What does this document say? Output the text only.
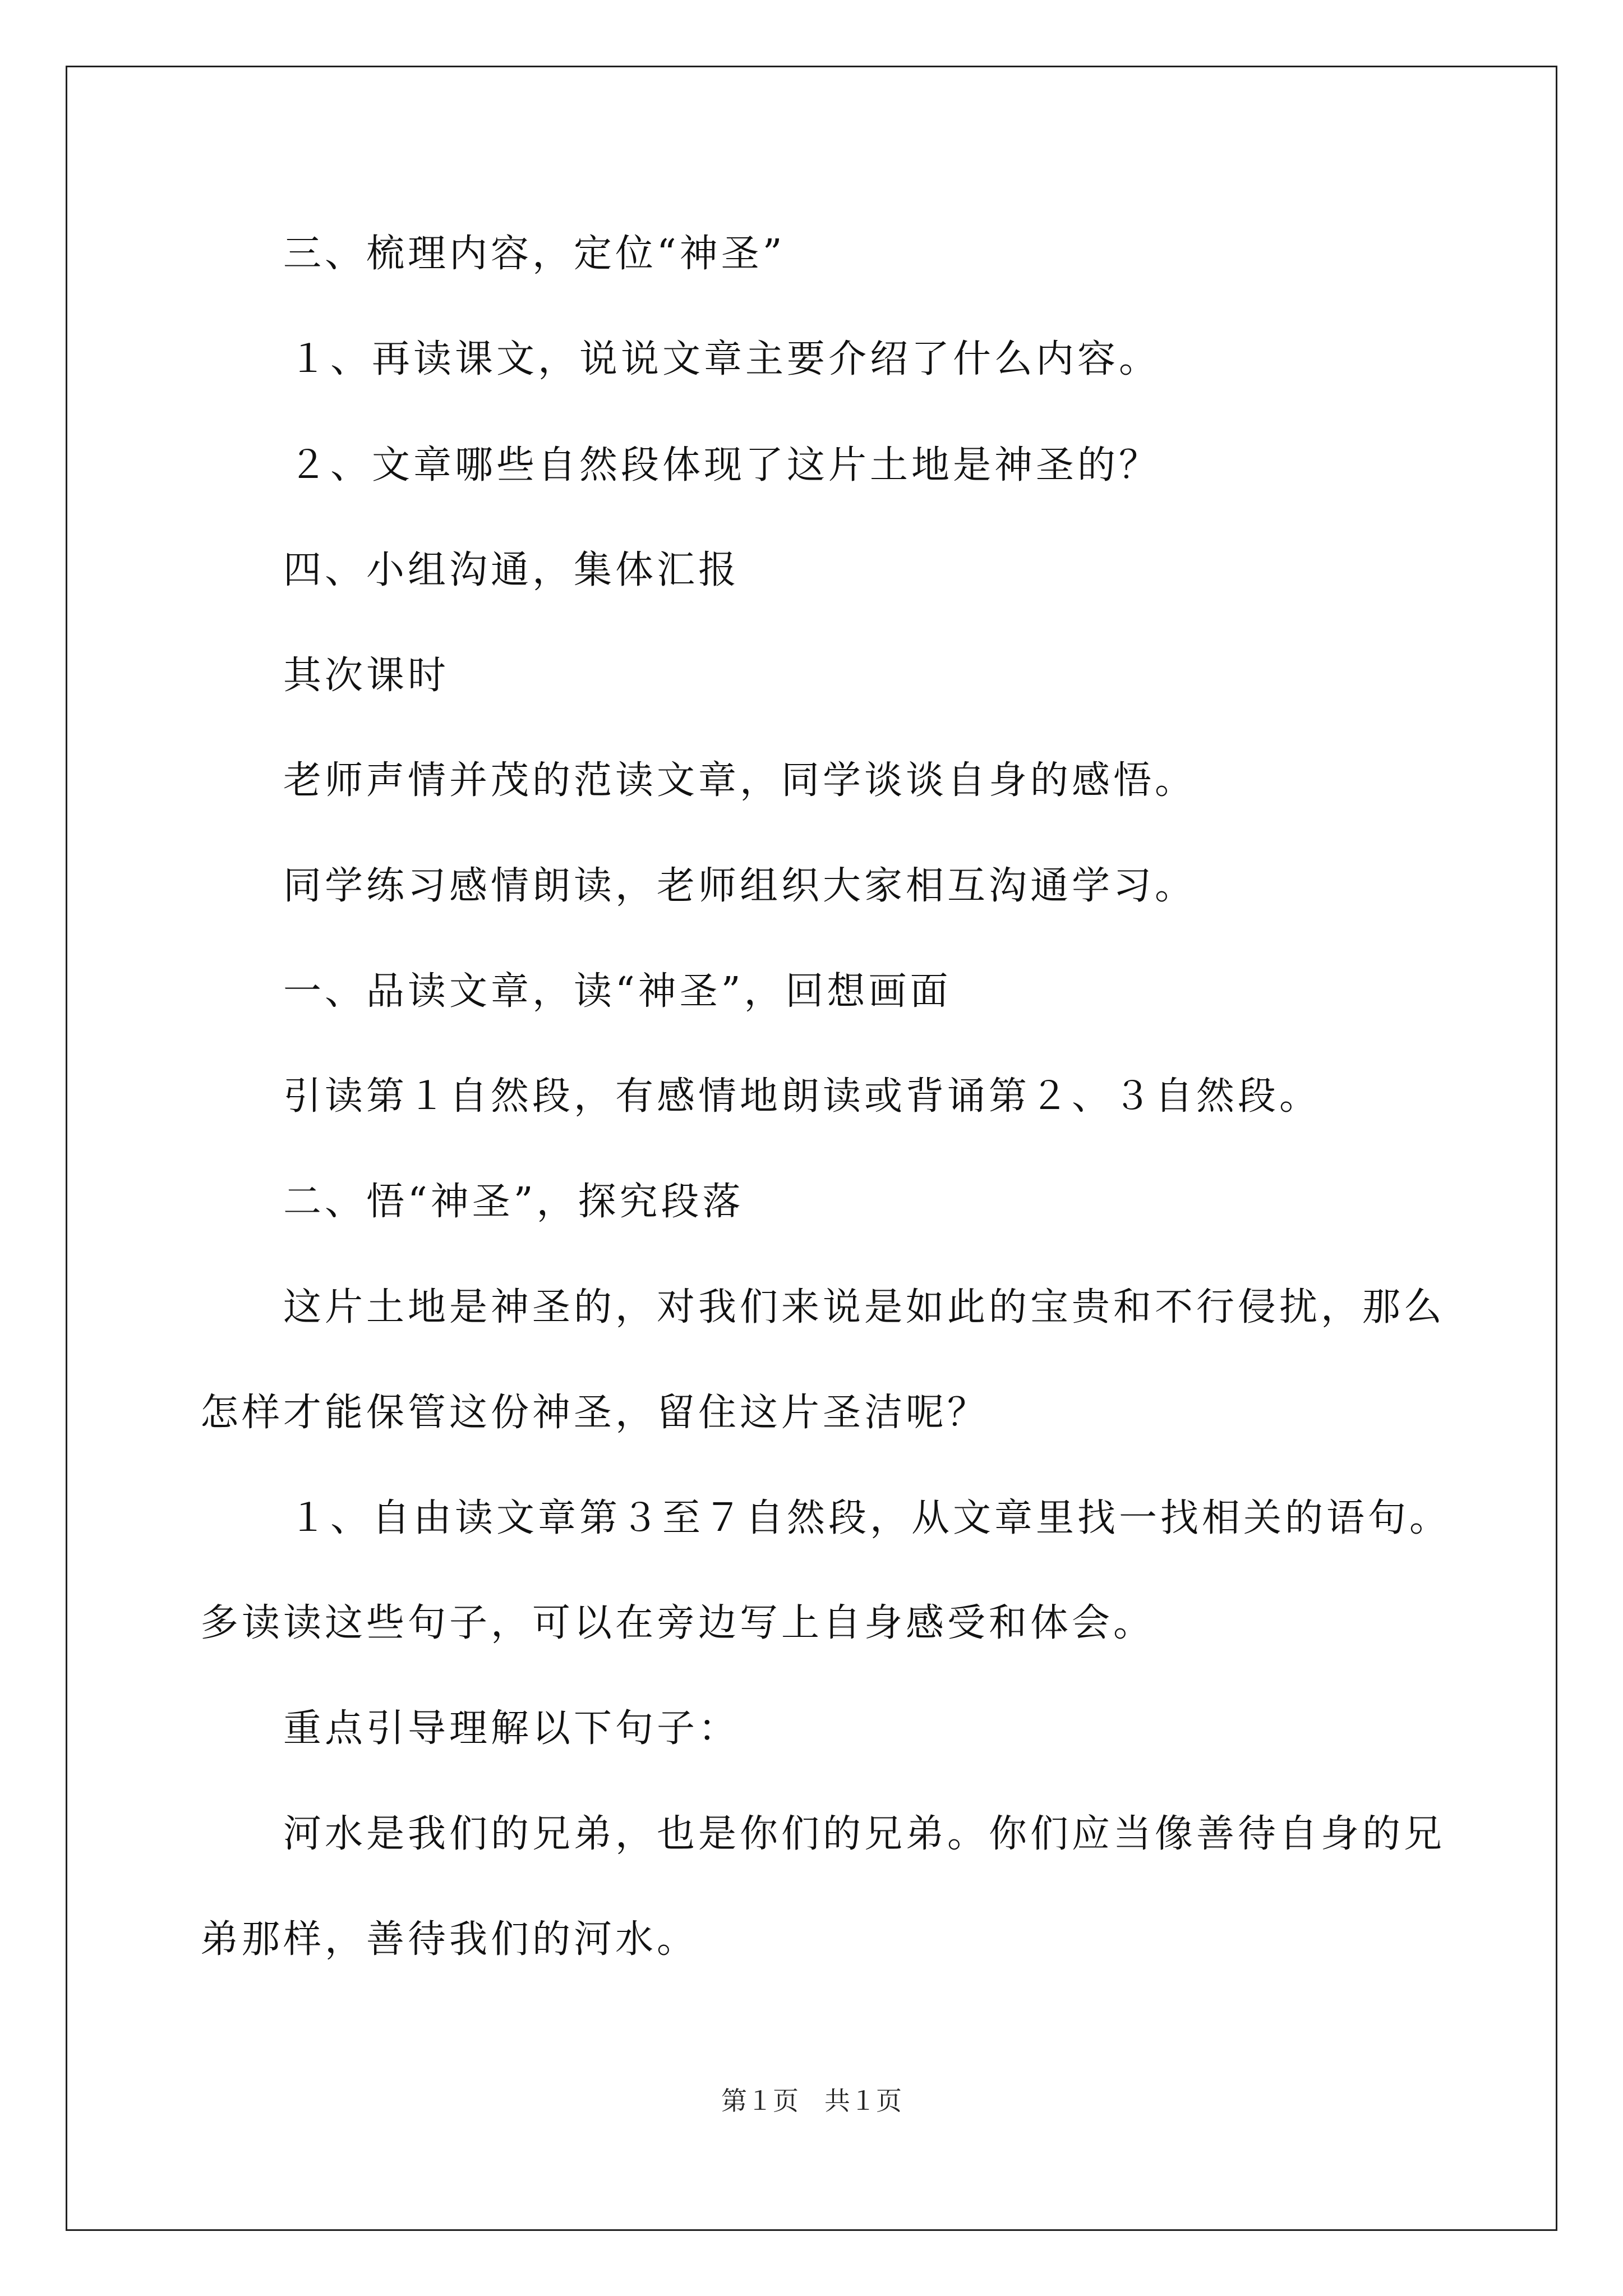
三、梳理内容，定位“神圣”
１、再读课文，说说文章主要介绍了什么内容。
２、文章哪些自然段体现了这片土地是神圣的？
四、小组沟通，集体汇报
其次课时
老师声情并茂的范读文章，同学谈谈自身的感悟。
同学练习感情朗读，老师组织大家相互沟通学习。
一、品读文章，读“神圣”，回想画面
引读第１自然段，有感情地朗读或背诵第２、３自然段。
二、悟“神圣”，探究段落
这片土地是神圣的，对我们来说是如此的宝贵和不行侵扰，那么
怎样才能保管这份神圣，留住这片圣洁呢？
１、自由读文章第３至７自然段，从文章里找一找相关的语句。
多读读这些句子，可以在旁边写上自身感受和体会。
重点引导理解以下句子：
河水是我们的兄弟，也是你们的兄弟。你们应当像善待自身的兄
弟那样，善待我们的河水。
第１页　共１页
